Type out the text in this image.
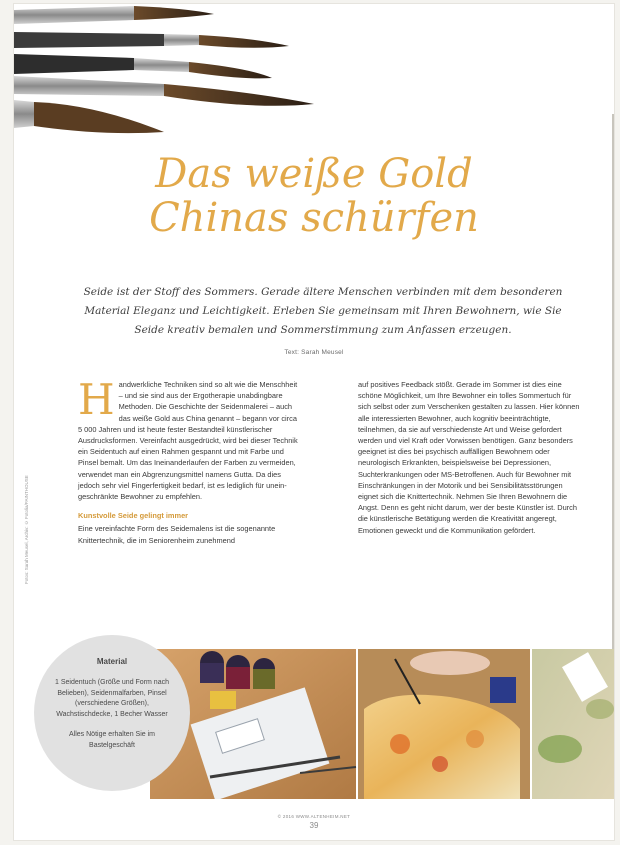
Das weiße Gold
Chinas schürfen
Seide ist der Stoff des Sommers. Gerade ältere Menschen verbinden mit dem besonderen Material Eleganz und Leichtigkeit. Erleben Sie gemeinsam mit Ihren Bewohnern, wie Sie Seide kreativ bemalen und Sommerstimmung zum Anfassen erzeugen.
Text: Sarah Meusel
Fotos: Sarah Meusel, Archiv: © Fotolia/PAINTHOUSE
H andwerkliche Techniken sind so alt wie die Menschheit – und sie sind aus der Ergotherapie unabdingbare Methoden. Die Geschichte der Seidenmalerei – auch das weiße Gold aus China genannt – begann vor circa 5 000 Jahren und ist heute fester Bestandteil künstlerischer Ausdrucksformen. Vereinfacht ausgedrückt, wird bei dieser Technik ein Seidentuch auf einen Rahmen gespannt und mit Farbe und Pinsel bemalt. Um das Ineinanderlaufen der Farben zu vermeiden, verwendet man ein Abgrenzungsmittel namens Gutta. Da dies jedoch sehr viel Fingerfertigkeit bedarf, ist es lediglich für unein-geschränkte Bewohner zu empfehlen.

Kunstvolle Seide gelingt immer

Eine vereinfachte Form des Seidemalens ist die sogenannte Knittertechnik, die im Seniorenheim zunehmend

auf positives Feedback stößt. Gerade im Sommer ist dies eine schöne Möglichkeit, um Ihre Bewohner ein tolles Sommertuch für sich selbst oder zum Verschenken gestalten zu lassen. Hier können alle interessierten Bewohner, auch kognitiv beeinträchtigte, teilnehmen, da sie auf verschiedenste Art und Weise gefordert werden und viel Kraft oder Vorwissen benötigen. Ganz besonders geeignet ist dies bei psychisch auffälligen Bewohnern oder neurologisch Erkrankten, beispielsweise bei Depressionen, Suchterkrankungen oder MS-Betroffenen. Auch für Bewohner mit Einschränkungen in der Motorik und bei Sensibilitätsstörungen eignet sich die Knittertechnik. Nehmen Sie Ihren Bewohnern die Angst. Denn es geht nicht darum, wer der beste Künstler ist. Durch die künstlerische Betätigung werden die Kreativität angeregt, Emotionen geweckt und die Kommunikation gefördert.

Material
1 Seidentuch (Größe und Form nach Belieben), Seidenmalfarben, Pinsel (verschiedene Größen), Wachstischdecke, 1 Becher Wasser
Alles Nötige erhalten Sie im Bastelgeschäft
© 2016 WWW.ALTENHEIM.NET
39
